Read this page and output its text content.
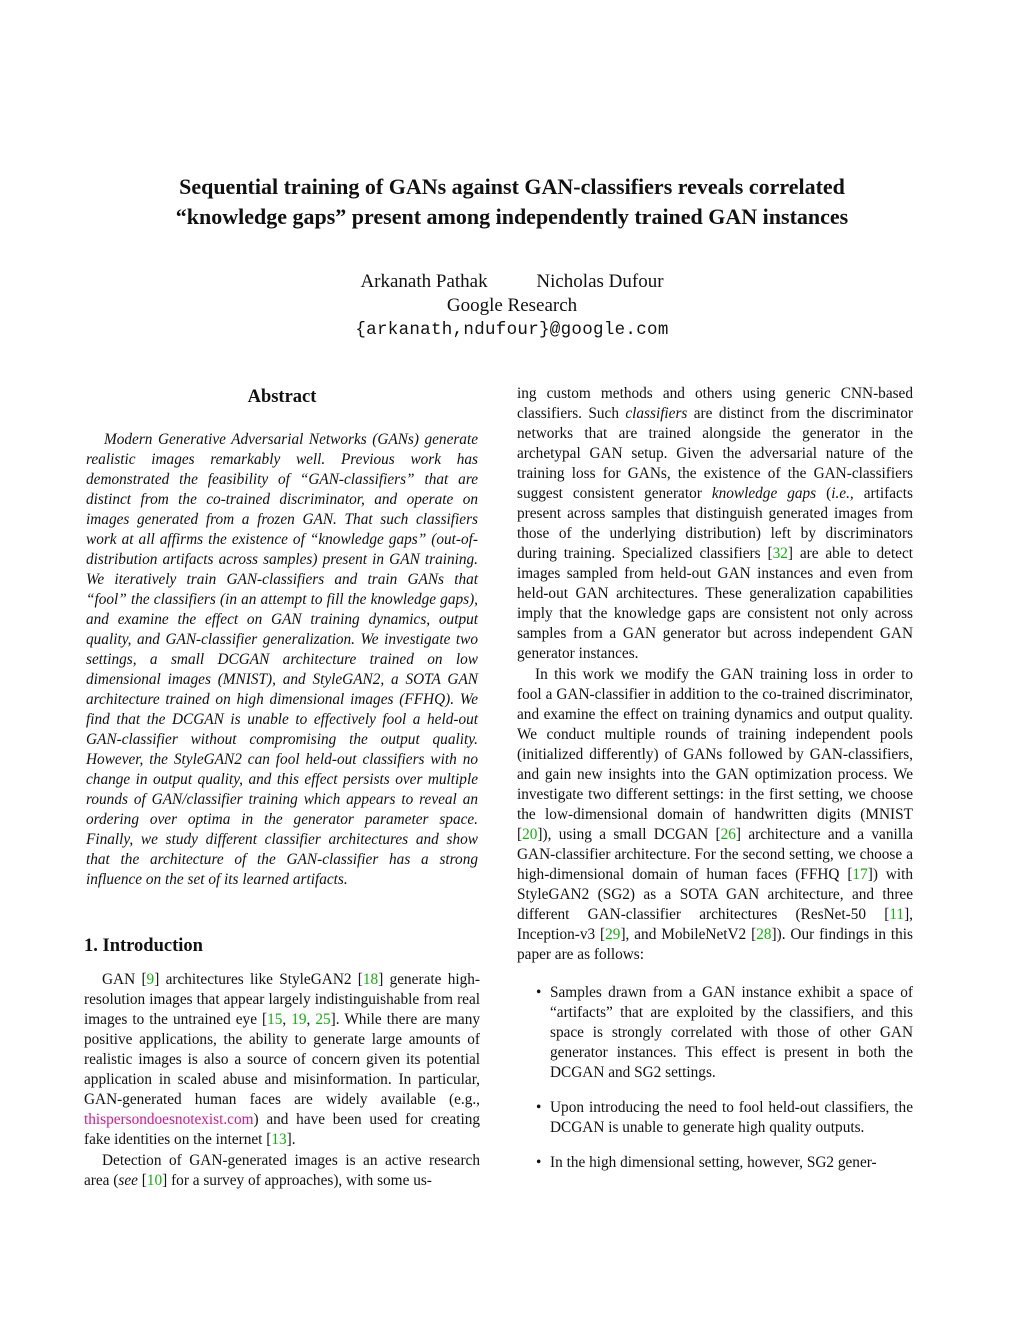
Sequential training of GANs against GAN-classifiers reveals correlated
“knowledge gaps” present among independently trained GAN instances
Arkanath Pathak	Nicholas Dufour
Google Research
{arkanath,ndufour}@google.com
Abstract

Modern Generative Adversarial Networks (GANs) generate realistic images remarkably well. Previous work has demonstrated the feasibility of “GAN-classifiers” that are distinct from the co-trained discriminator, and operate on images generated from a frozen GAN. That such classifiers work at all affirms the existence of “knowledge gaps” (out-of-distribution artifacts across samples) present in GAN training. We iteratively train GAN-classifiers and train GANs that “fool” the classifiers (in an attempt to fill the knowledge gaps), and examine the effect on GAN training dynamics, output quality, and GAN-classifier generalization. We investigate two settings, a small DCGAN architecture trained on low dimensional images (MNIST), and StyleGAN2, a SOTA GAN architecture trained on high dimensional images (FFHQ). We find that the DCGAN is unable to effectively fool a held-out GAN-classifier without compromising the output quality. However, the StyleGAN2 can fool held-out classifiers with no change in output quality, and this effect persists over multiple rounds of GAN/classifier training which appears to reveal an ordering over optima in the generator parameter space. Finally, we study different classifier architectures and show that the architecture of the GAN-classifier has a strong influence on the set of its learned artifacts.

1. Introduction

GAN [9] architectures like StyleGAN2 [18] generate high-resolution images that appear largely indistinguishable from real images to the untrained eye [15, 19, 25]. While there are many positive applications, the ability to generate large amounts of realistic images is also a source of concern given its potential application in scaled abuse and misinformation. In particular, GAN-generated human faces are widely available (e.g., thispersondoesnotexist.com) and have been used for creating fake identities on the internet [13].

Detection of GAN-generated images is an active research area (see [10] for a survey of approaches), with some us-

ing custom methods and others using generic CNN-based classifiers. Such classifiers are distinct from the discriminator networks that are trained alongside the generator in the archetypal GAN setup. Given the adversarial nature of the training loss for GANs, the existence of the GAN-classifiers suggest consistent generator knowledge gaps (i.e., artifacts present across samples that distinguish generated images from those of the underlying distribution) left by discriminators during training. Specialized classifiers [32] are able to detect images sampled from held-out GAN instances and even from held-out GAN architectures. These generalization capabilities imply that the knowledge gaps are consistent not only across samples from a GAN generator but across independent GAN generator instances.

In this work we modify the GAN training loss in order to fool a GAN-classifier in addition to the co-trained discriminator, and examine the effect on training dynamics and output quality. We conduct multiple rounds of training independent pools (initialized differently) of GANs followed by GAN-classifiers, and gain new insights into the GAN optimization process. We investigate two different settings: in the first setting, we choose the low-dimensional domain of handwritten digits (MNIST [20]), using a small DCGAN [26] architecture and a vanilla GAN-classifier architecture. For the second setting, we choose a high-dimensional domain of human faces (FFHQ [17]) with StyleGAN2 (SG2) as a SOTA GAN architecture, and three different GAN-classifier architectures (ResNet-50 [11], Inception-v3 [29], and MobileNetV2 [28]). Our findings in this paper are as follows:

• Samples drawn from a GAN instance exhibit a space of “artifacts” that are exploited by the classifiers, and this space is strongly correlated with those of other GAN generator instances. This effect is present in both the DCGAN and SG2 settings.
• Upon introducing the need to fool held-out classifiers, the DCGAN is unable to generate high quality outputs.
• In the high dimensional setting, however, SG2 gener-
